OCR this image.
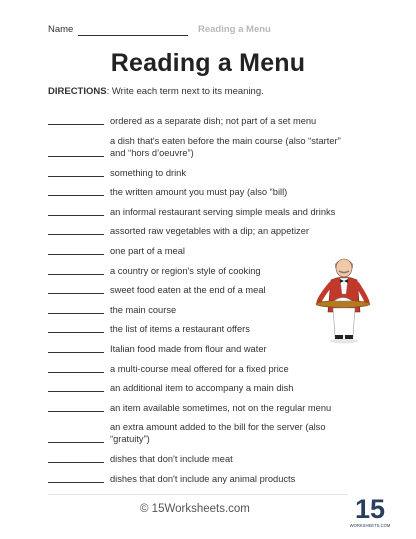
Name	Reading a Menu
Reading a Menu
DIRECTIONS: Write each term next to its meaning.
ordered as a separate dish; not part of a set menu
a dish that's eaten before the main course (also “starter” and “hors d’oeuvre”)
something to drink
the written amount you must pay (also “bill)
an informal restaurant serving simple meals and drinks
assorted raw vegetables with a dip; an appetizer
one part of a meal
a country or region's style of cooking
sweet food eaten at the end of a meal
the main course
the list of items a restaurant offers
Italian food made from flour and water
a multi-course meal offered for a fixed price
an additional item to accompany a main dish
an item available sometimes, not on the regular menu
an extra amount added to the bill for the server (also “gratuity”)
dishes that don't include meat
dishes that don't include any animal products
© 15Worksheets.com	15
WORKSHEETS.COM
